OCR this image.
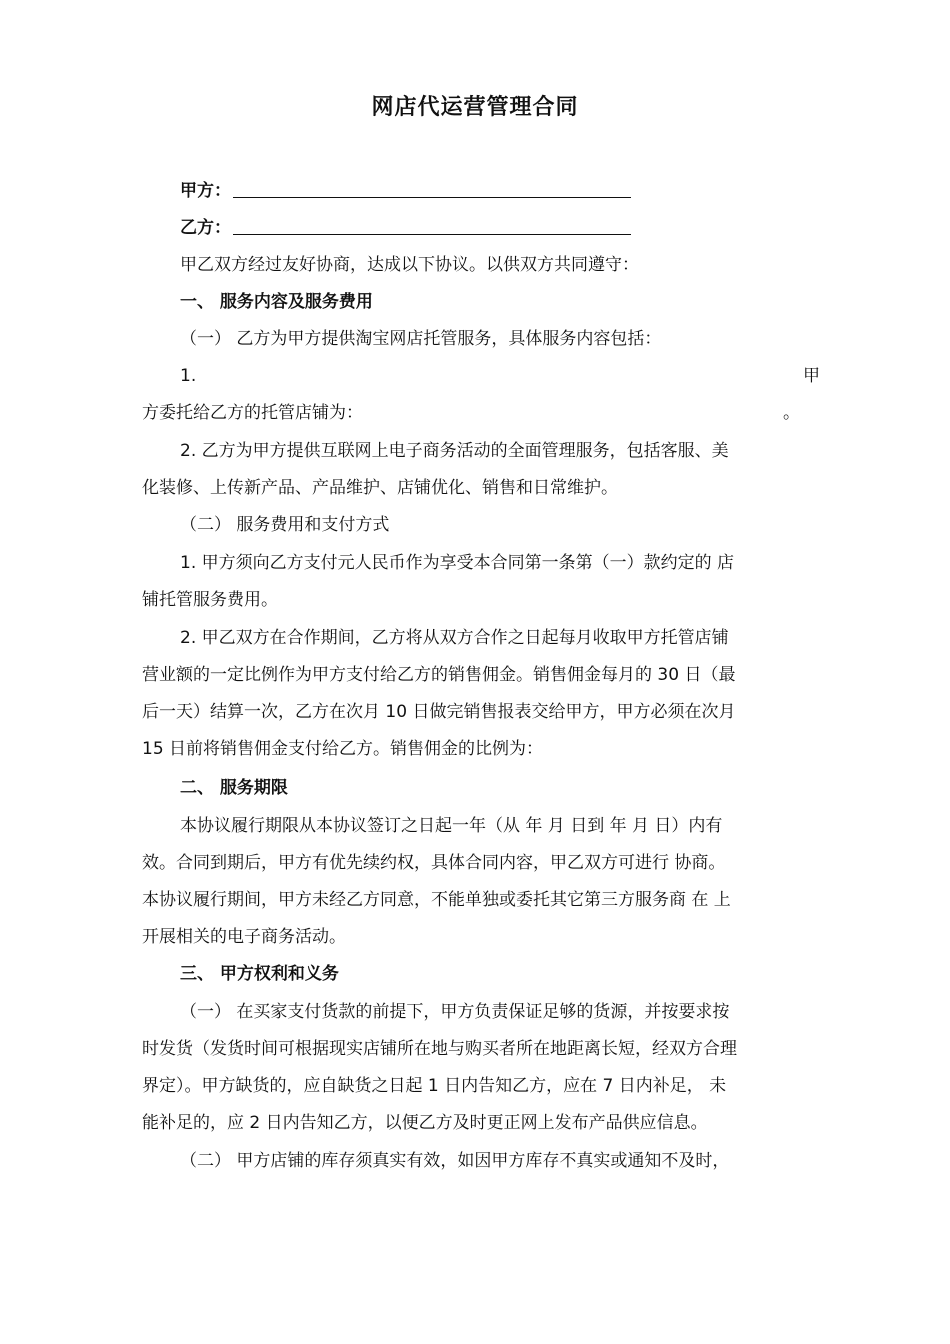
网店代运营管理合同
甲方：
乙方：
甲乙双方经过友好协商，达成以下协议。以供双方共同遵守：
一、 服务内容及服务费用
（一） 乙方为甲方提供淘宝网店托管服务，具体服务内容包括：
1.	甲
方委托给乙方的托管店铺为：	。
2. 乙方为甲方提供互联网上电子商务活动的全面管理服务，包括客服、美
化装修、上传新产品、产品维护、店铺优化、销售和日常维护。
（二） 服务费用和支付方式
1. 甲方须向乙方支付元人民币作为享受本合同第一条第（一）款约定的 店
铺托管服务费用。
2. 甲乙双方在合作期间，乙方将从双方合作之日起每月收取甲方托管店铺
营业额的一定比例作为甲方支付给乙方的销售佣金。销售佣金每月的 30 日（最
后一天）结算一次，乙方在次月 10 日做完销售报表交给甲方，甲方必须在次月
15 日前将销售佣金支付给乙方。销售佣金的比例为：
二、 服务期限
本协议履行期限从本协议签订之日起一年（从 年 月 日到 年 月 日）内有
效。合同到期后，甲方有优先续约权，具体合同内容，甲乙双方可进行 协商。
本协议履行期间，甲方未经乙方同意，不能单独或委托其它第三方服务商 在 上
开展相关的电子商务活动。
三、 甲方权利和义务
（一） 在买家支付货款的前提下，甲方负责保证足够的货源，并按要求按
时发货（发货时间可根据现实店铺所在地与购买者所在地距离长短，经双方合理
界定）。甲方缺货的，应自缺货之日起 1 日内告知乙方，应在 7 日内补足， 未
能补足的，应 2 日内告知乙方，以便乙方及时更正网上发布产品供应信息。
（二） 甲方店铺的库存须真实有效，如因甲方库存不真实或通知不及时，
